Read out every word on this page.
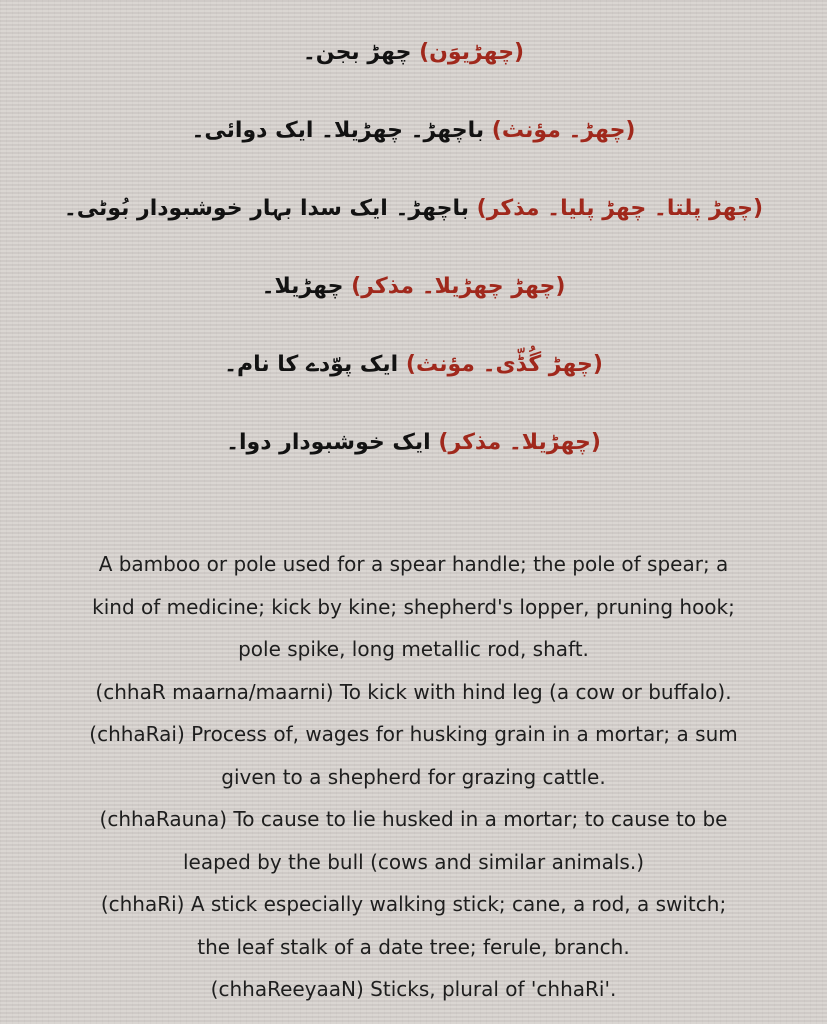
(چھڑیوَن) چھڑ بجن۔
(چھڑ۔ مؤنث) باچھڑ۔ چھڑیلا۔ ایک دوائی۔
(چھڑ پلتا۔ چھڑ پلیا۔ مذکر) باچھڑ۔ ایک سدا بہار خوشبودار بُوٹی۔
(چھڑ چھڑیلا۔ مذکر) چھڑیلا۔
(چھڑ گُڈّی۔ مؤنث) ایک پوّدے کا نام۔
(چھڑیلا۔ مذکر) ایک خوشبودار دوا۔
A bamboo or pole used for a spear handle; the pole of spear; a
kind of medicine; kick by kine; shepherd's lopper, pruning hook;
pole spike, long metallic rod, shaft.
(chhaR maarna/maarni) To kick with hind leg (a cow or buffalo).
(chhaRai) Process of, wages for husking grain in a mortar; a sum
given to a shepherd for grazing cattle.
(chhaRauna) To cause to lie husked in a mortar; to cause to be
leaped by the bull (cows and similar animals.)
(chhaRi) A stick especially walking stick; cane, a rod, a switch;
the leaf stalk of a date tree; ferule, branch.
(chhaReeyaaN) Sticks, plural of 'chhaRi'.
